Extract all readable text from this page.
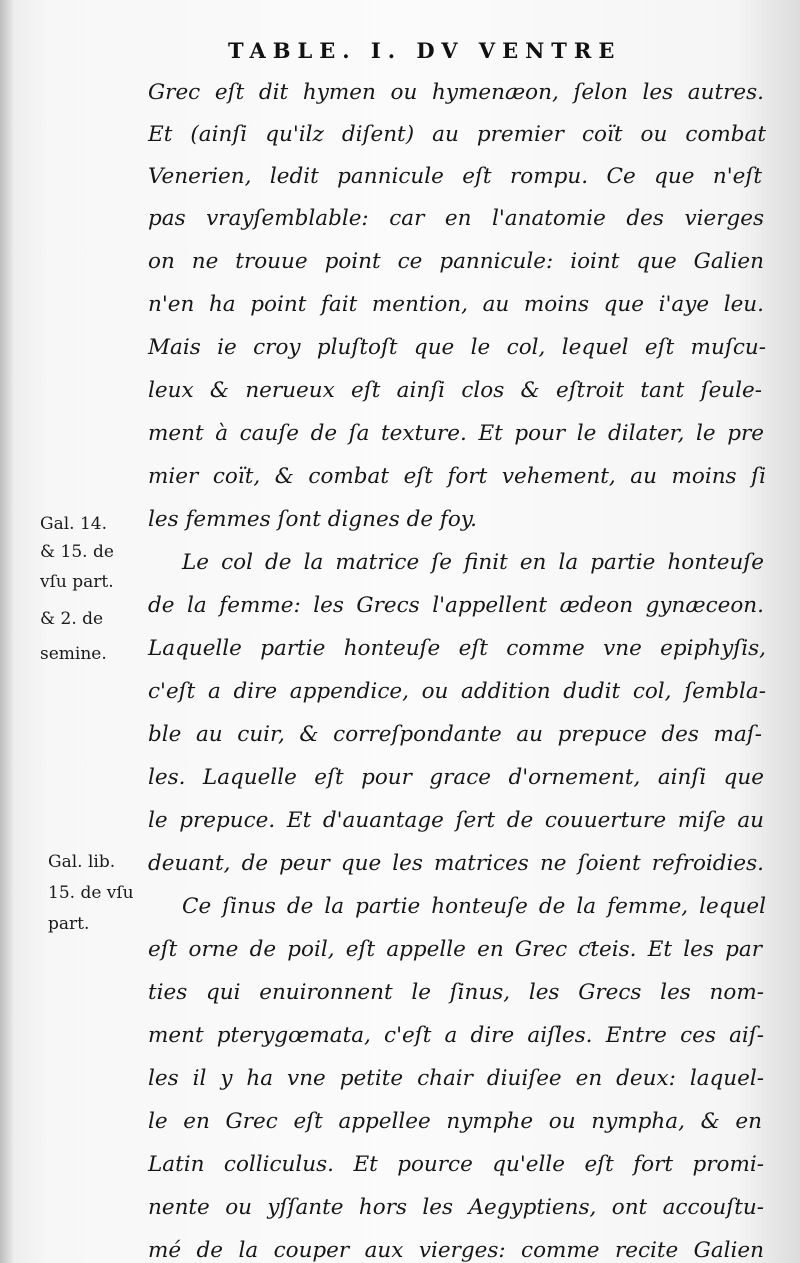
TABLE. I. DV VENTRE
Grec eſt dit hymen ou hymenæon, ſelon les autres.
Et (ainſi qu'ilz diſent) au premier coït ou combat
Venerien, ledit pannicule eſt rompu. Ce que n'eſt
pas vrayſemblable: car en l'anatomie des vierges
on ne trouue point ce pannicule: ioint que Galien
n'en ha point fait mention, au moins que i'aye leu.
Mais ie croy pluſtoſt que le col, lequel eſt muſcu-
leux & nerueux eſt ainſi clos & eſtroit tant ſeule-
ment à cauſe de ſa texture. Et pour le dilater, le pre
mier coït, & combat eſt fort vehement, au moins ſi
les femmes ſont dignes de foy.
Le col de la matrice ſe finit en la partie honteuſe
de la femme: les Grecs l'appellent ædeon gynæceon.
Laquelle partie honteuſe eſt comme vne epiphyſis,
c'eſt a dire appendice, ou addition dudit col, ſembla-
ble au cuir, & correſpondante au prepuce des maſ-
les. Laquelle eſt pour grace d'ornement, ainſi que
le prepuce. Et d'auantage ſert de couuerture miſe au
deuant, de peur que les matrices ne ſoient refroidies.
Ce ſinus de la partie honteuſe de la femme, lequel
eſt orne de poil, eſt appelle en Grec ƈteis. Et les par
ties qui enuironnent le ſinus, les Grecs les nom-
ment pterygœmata, c'eſt a dire aiſles. Entre ces aiſ-
les il y ha vne petite chair diuiſee en deux: laquel-
le en Grec eſt appellee nymphe ou nympha, & en
Latin colliculus. Et pource qu'elle eſt fort promi-
nente ou yſſante hors les Aegyptiens, ont accouſtu-
mé de la couper aux vierges: comme recite Galien
Gal. 14.
& 15. de
vſu part.
& 2. de
semine.
Gal. lib.
15. de vſu
part.
